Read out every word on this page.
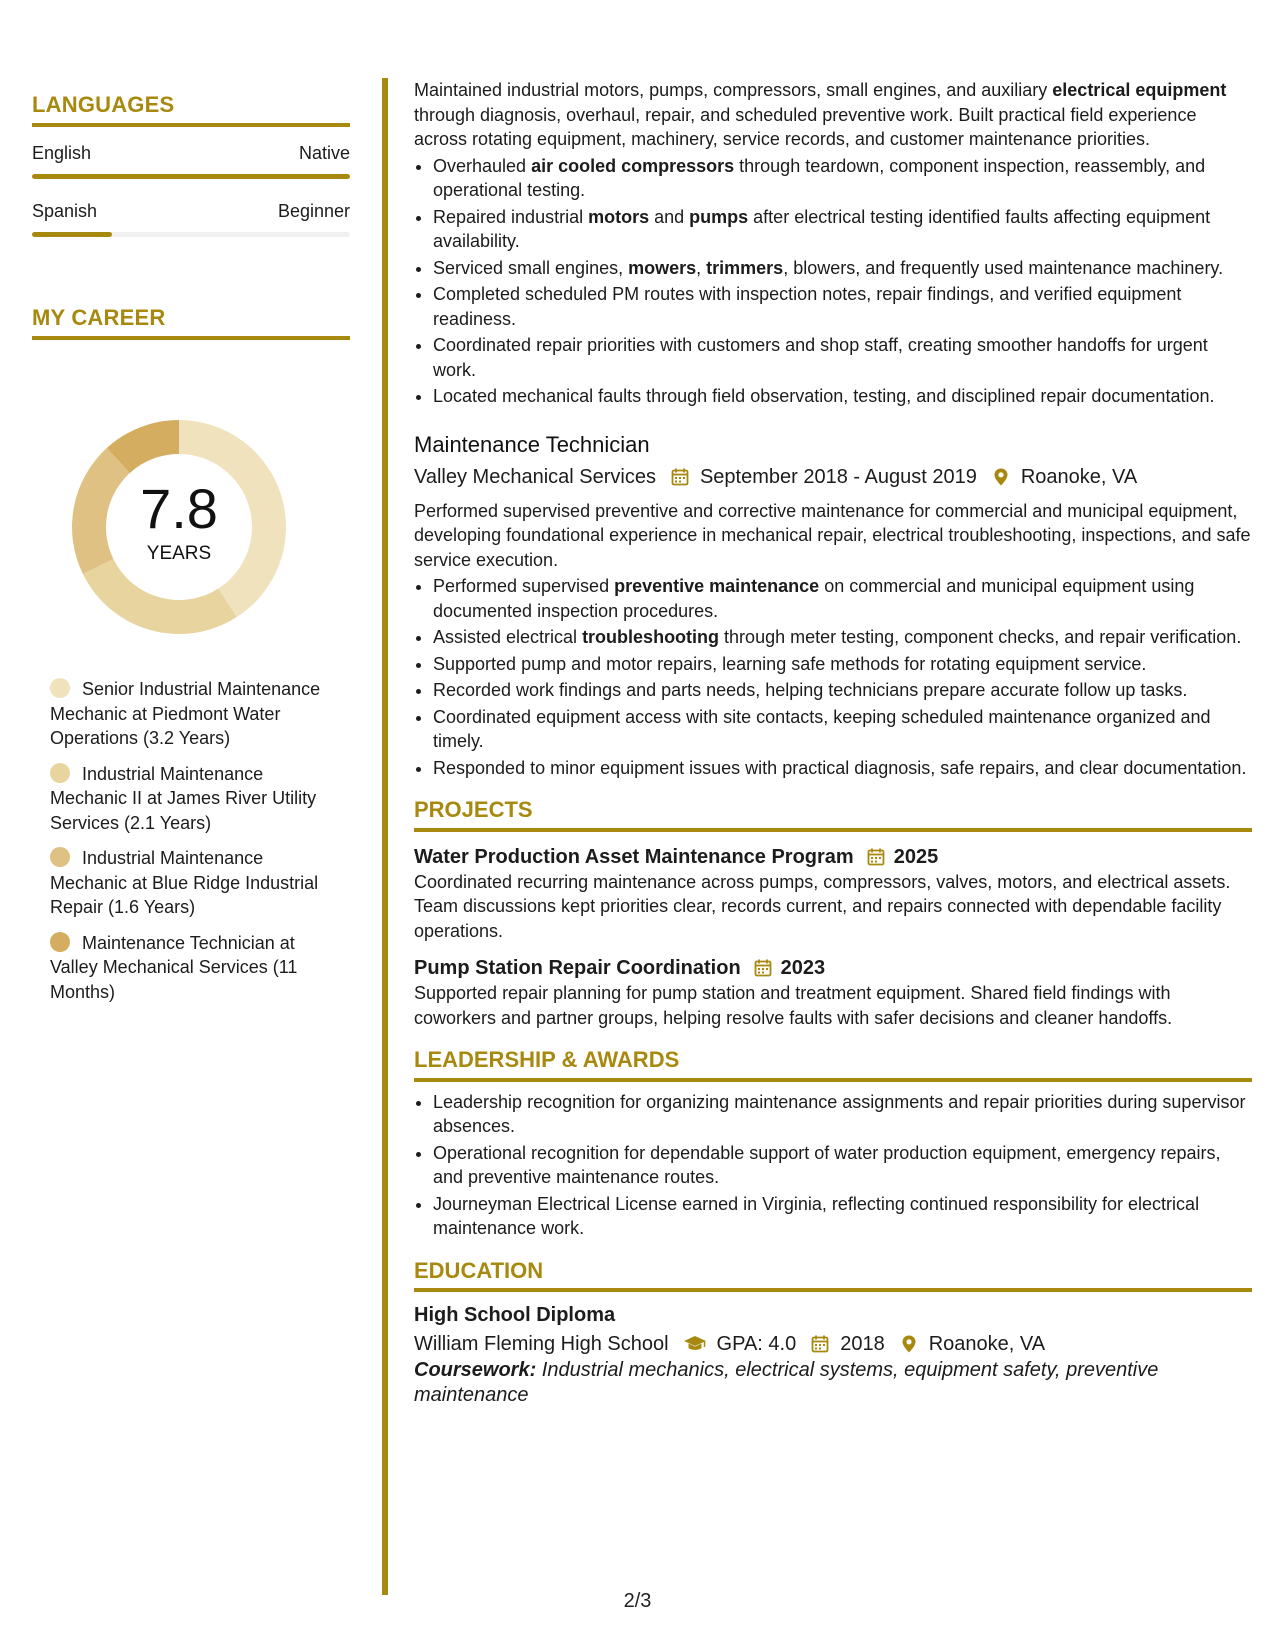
LANGUAGES
English	Native
Spanish	Beginner
MY CAREER
7.8
YEARS
Senior Industrial Maintenance Mechanic at Piedmont Water Operations (3.2 Years)
Industrial Maintenance Mechanic II at James River Utility Services (2.1 Years)
Industrial Maintenance Mechanic at Blue Ridge Industrial Repair (1.6 Years)
Maintenance Technician at Valley Mechanical Services (11 Months)

Maintained industrial motors, pumps, compressors, small engines, and auxiliary electrical equipment through diagnosis, overhaul, repair, and scheduled preventive work. Built practical field experience across rotating equipment, machinery, service records, and customer maintenance priorities.

• Overhauled air cooled compressors through teardown, component inspection, reassembly, and operational testing.
• Repaired industrial motors and pumps after electrical testing identified faults affecting equipment availability.
• Serviced small engines, mowers, trimmers, blowers, and frequently used maintenance machinery.
• Completed scheduled PM routes with inspection notes, repair findings, and verified equipment readiness.
• Coordinated repair priorities with customers and shop staff, creating smoother handoffs for urgent work.
• Located mechanical faults through field observation, testing, and disciplined repair documentation.
Maintenance Technician
Valley Mechanical Services September 2018 - August 2019 Roanoke, VA

Performed supervised preventive and corrective maintenance for commercial and municipal equipment, developing foundational experience in mechanical repair, electrical troubleshooting, inspections, and safe service execution.

• Performed supervised preventive maintenance on commercial and municipal equipment using documented inspection procedures.
• Assisted electrical troubleshooting through meter testing, component checks, and repair verification.
• Supported pump and motor repairs, learning safe methods for rotating equipment service.
• Recorded work findings and parts needs, helping technicians prepare accurate follow up tasks.
• Coordinated equipment access with site contacts, keeping scheduled maintenance organized and timely.
• Responded to minor equipment issues with practical diagnosis, safe repairs, and clear documentation.
PROJECTS
Water Production Asset Maintenance Program 2025

Coordinated recurring maintenance across pumps, compressors, valves, motors, and electrical assets. Team discussions kept priorities clear, records current, and repairs connected with dependable facility operations.

Pump Station Repair Coordination 2023

Supported repair planning for pump station and treatment equipment. Shared field findings with coworkers and partner groups, helping resolve faults with safer decisions and cleaner handoffs.

LEADERSHIP & AWARDS
• Leadership recognition for organizing maintenance assignments and repair priorities during supervisor absences.
• Operational recognition for dependable support of water production equipment, emergency repairs, and preventive maintenance routes.
• Journeyman Electrical License earned in Virginia, reflecting continued responsibility for electrical maintenance work.
EDUCATION
High School Diploma
William Fleming High School GPA: 4.0 2018 Roanoke, VA

Coursework: Industrial mechanics, electrical systems, equipment safety, preventive maintenance

2/3
